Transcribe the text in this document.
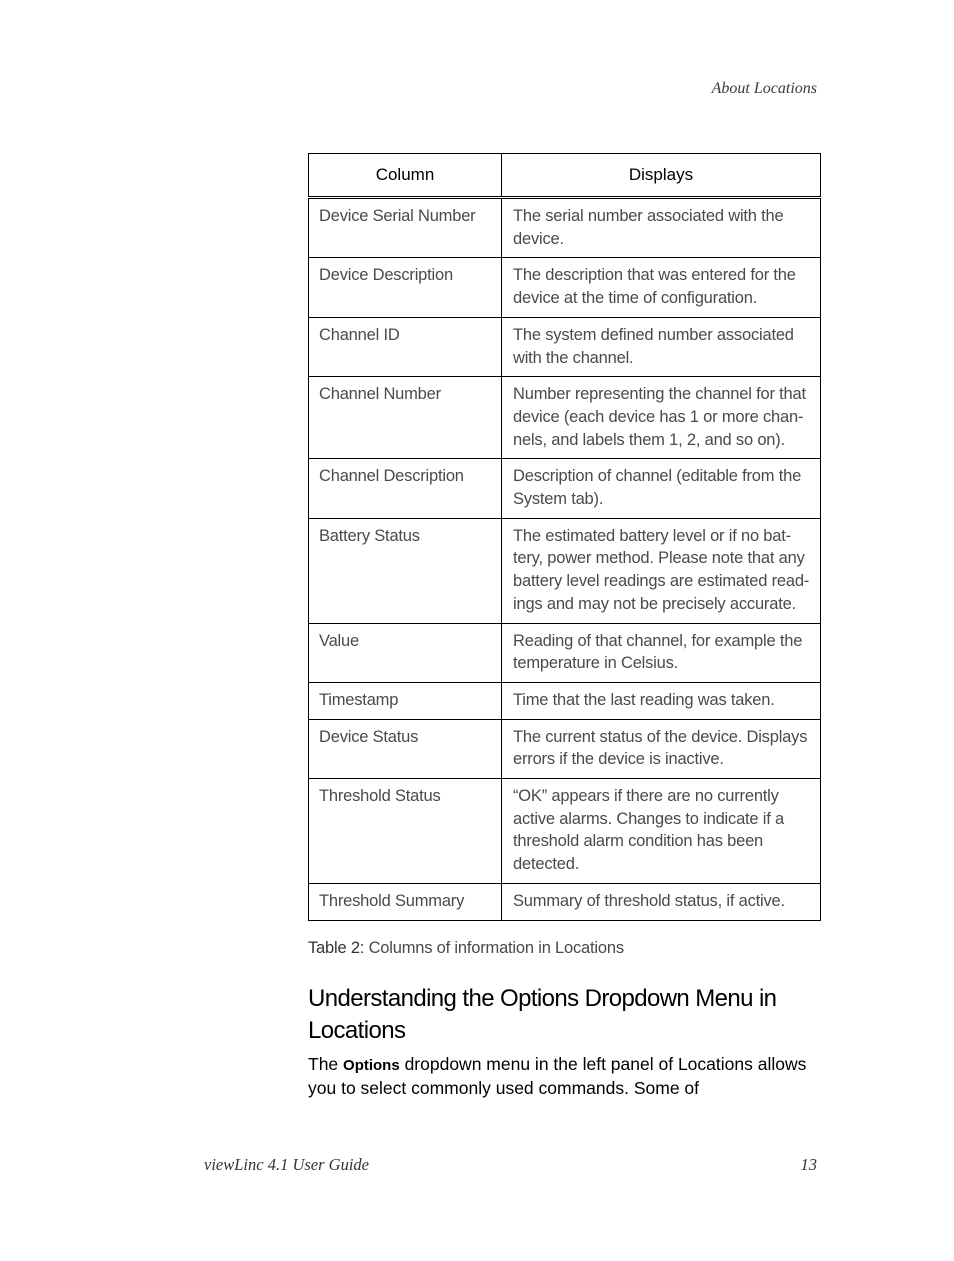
About Locations
Column	Displays
Device Serial Number	The serial number associated with the device.
Device Description	The description that was entered for the device at the time of configuration.
Channel ID	The system defined number associated with the channel.
Channel Number	Number representing the channel for that device (each device has 1 or more chan-nels, and labels them 1, 2, and so on).
Channel Description	Description of channel (editable from the System tab).
Battery Status	The estimated battery level or if no bat-tery, power method. Please note that any battery level readings are estimated read-ings and may not be precisely accurate.
Value	Reading of that channel, for example the temperature in Celsius.
Timestamp	Time that the last reading was taken.
Device Status	The current status of the device. Displays errors if the device is inactive.
Threshold Status	“OK” appears if there are no currently active alarms. Changes to indicate if a threshold alarm condition has been detected.
Threshold Summary	Summary of threshold status, if active.
Table 2: Columns of information in Locations
Understanding the Options Dropdown Menu in Locations
The Options dropdown menu in the left panel of Locations allows you to select commonly used commands. Some of
viewLinc 4.1 User Guide	13
